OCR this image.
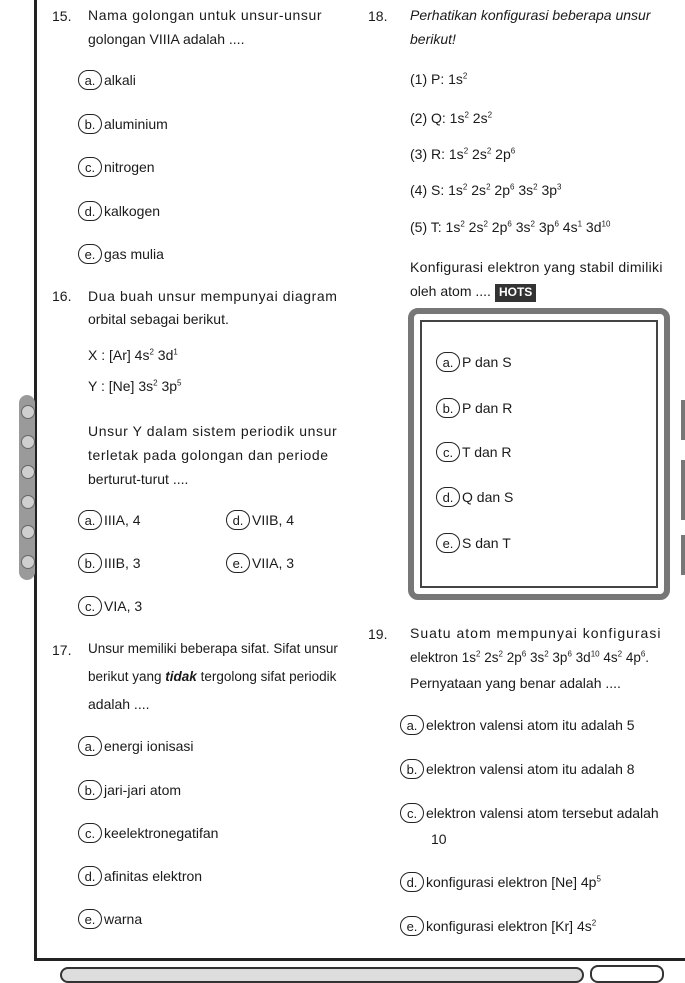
15. Nama golongan untuk unsur-unsur
golongan VIIIA adalah ....
a. alkali
b. aluminium
c. nitrogen
d. kalkogen
e. gas mulia
16. Dua buah unsur mempunyai diagram
orbital sebagai berikut.
X : [Ar] $4s^2$ $3d^1$
Y : [Ne] $3s^2$ $3p^5$
Unsur Y dalam sistem periodik unsur
terletak pada golongan dan periode
berturut-turut ....
a. IIIA, 4
b. IIIB, 3
c. VIA, 3
d. VIIB, 4
e. VIIA, 3
17. Unsur memiliki beberapa sifat. Sifat unsur
berikut yang tidak tergolong sifat periodik
adalah ....
a. energi ionisasi
b. jari-jari atom
c. keelektronegatifan
d. afinitas elektron
e. warna
18. Perhatikan konfigurasi beberapa unsur
berikut!
(1) P: $1s^2$
(2) Q: $1s^2$ $2s^2$
(3) R: $1s^2$ $2s^2$ $2p^6$
(4) S: $1s^2$ $2s^2$ $2p^6$ $3s^2$ $3p^3$
(5) T: $1s^2$ $2s^2$ $2p^6$ $3s^2$ $3p^6$ $4s^1$ $3d^{10}$
Konfigurasi elektron yang stabil dimiliki
oleh atom .... HOTS
a. P dan S
b. P dan R
c. T dan R
d. Q dan S
e. S dan T
19. Suatu atom mempunyai konfigurasi
elektron $1s^2$ $2s^2$ $2p^6$ $3s^2$ $3p^6$ $3d^{10}$ $4s^2$ $4p^6$.
Pernyataan yang benar adalah ....
a. elektron valensi atom itu adalah 5
b. elektron valensi atom itu adalah 8
c. elektron valensi atom tersebut adalah
10
d. konfigurasi elektron [Ne] $4p^5$
e. konfigurasi elektron [Kr] $4s^2$
